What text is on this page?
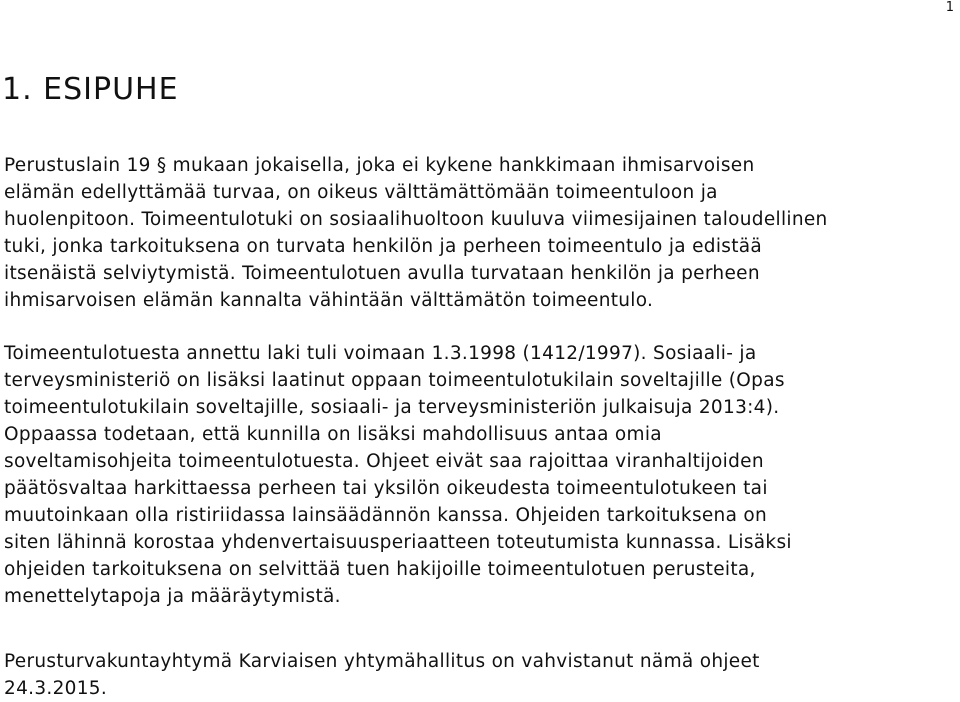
1
1. ESIPUHE

Perustuslain 19 § mukaan jokaisella, joka ei kykene hankkimaan ihmisarvoisen
elämän edellyttämää turvaa, on oikeus välttämättömään toimeentuloon ja
huolenpitoon. Toimeentulotuki on sosiaalihuoltoon kuuluva viimesijainen taloudellinen
tuki, jonka tarkoituksena on turvata henkilön ja perheen toimeentulo ja edistää
itsenäistä selviytymistä. Toimeentulotuen avulla turvataan henkilön ja perheen
ihmisarvoisen elämän kannalta vähintään välttämätön toimeentulo.

Toimeentulotuesta annettu laki tuli voimaan 1.3.1998 (1412/1997). Sosiaali- ja
terveysministeriö on lisäksi laatinut oppaan toimeentulotukilain soveltajille (Opas
toimeentulotukilain soveltajille, sosiaali- ja terveysministeriön julkaisuja 2013:4).
Oppaassa todetaan, että kunnilla on lisäksi mahdollisuus antaa omia
soveltamisohjeita toimeentulotuesta. Ohjeet eivät saa rajoittaa viranhaltijoiden
päätösvaltaa harkittaessa perheen tai yksilön oikeudesta toimeentulotukeen tai
muutoinkaan olla ristiriidassa lainsäädännön kanssa. Ohjeiden tarkoituksena on
siten lähinnä korostaa yhdenvertaisuusperiaatteen toteutumista kunnassa. Lisäksi
ohjeiden tarkoituksena on selvittää tuen hakijoille toimeentulotuen perusteita,
menettelytapoja ja määräytymistä.

Perusturvakuntayhtymä Karviaisen yhtymähallitus on vahvistanut nämä ohjeet
24.3.2015.
